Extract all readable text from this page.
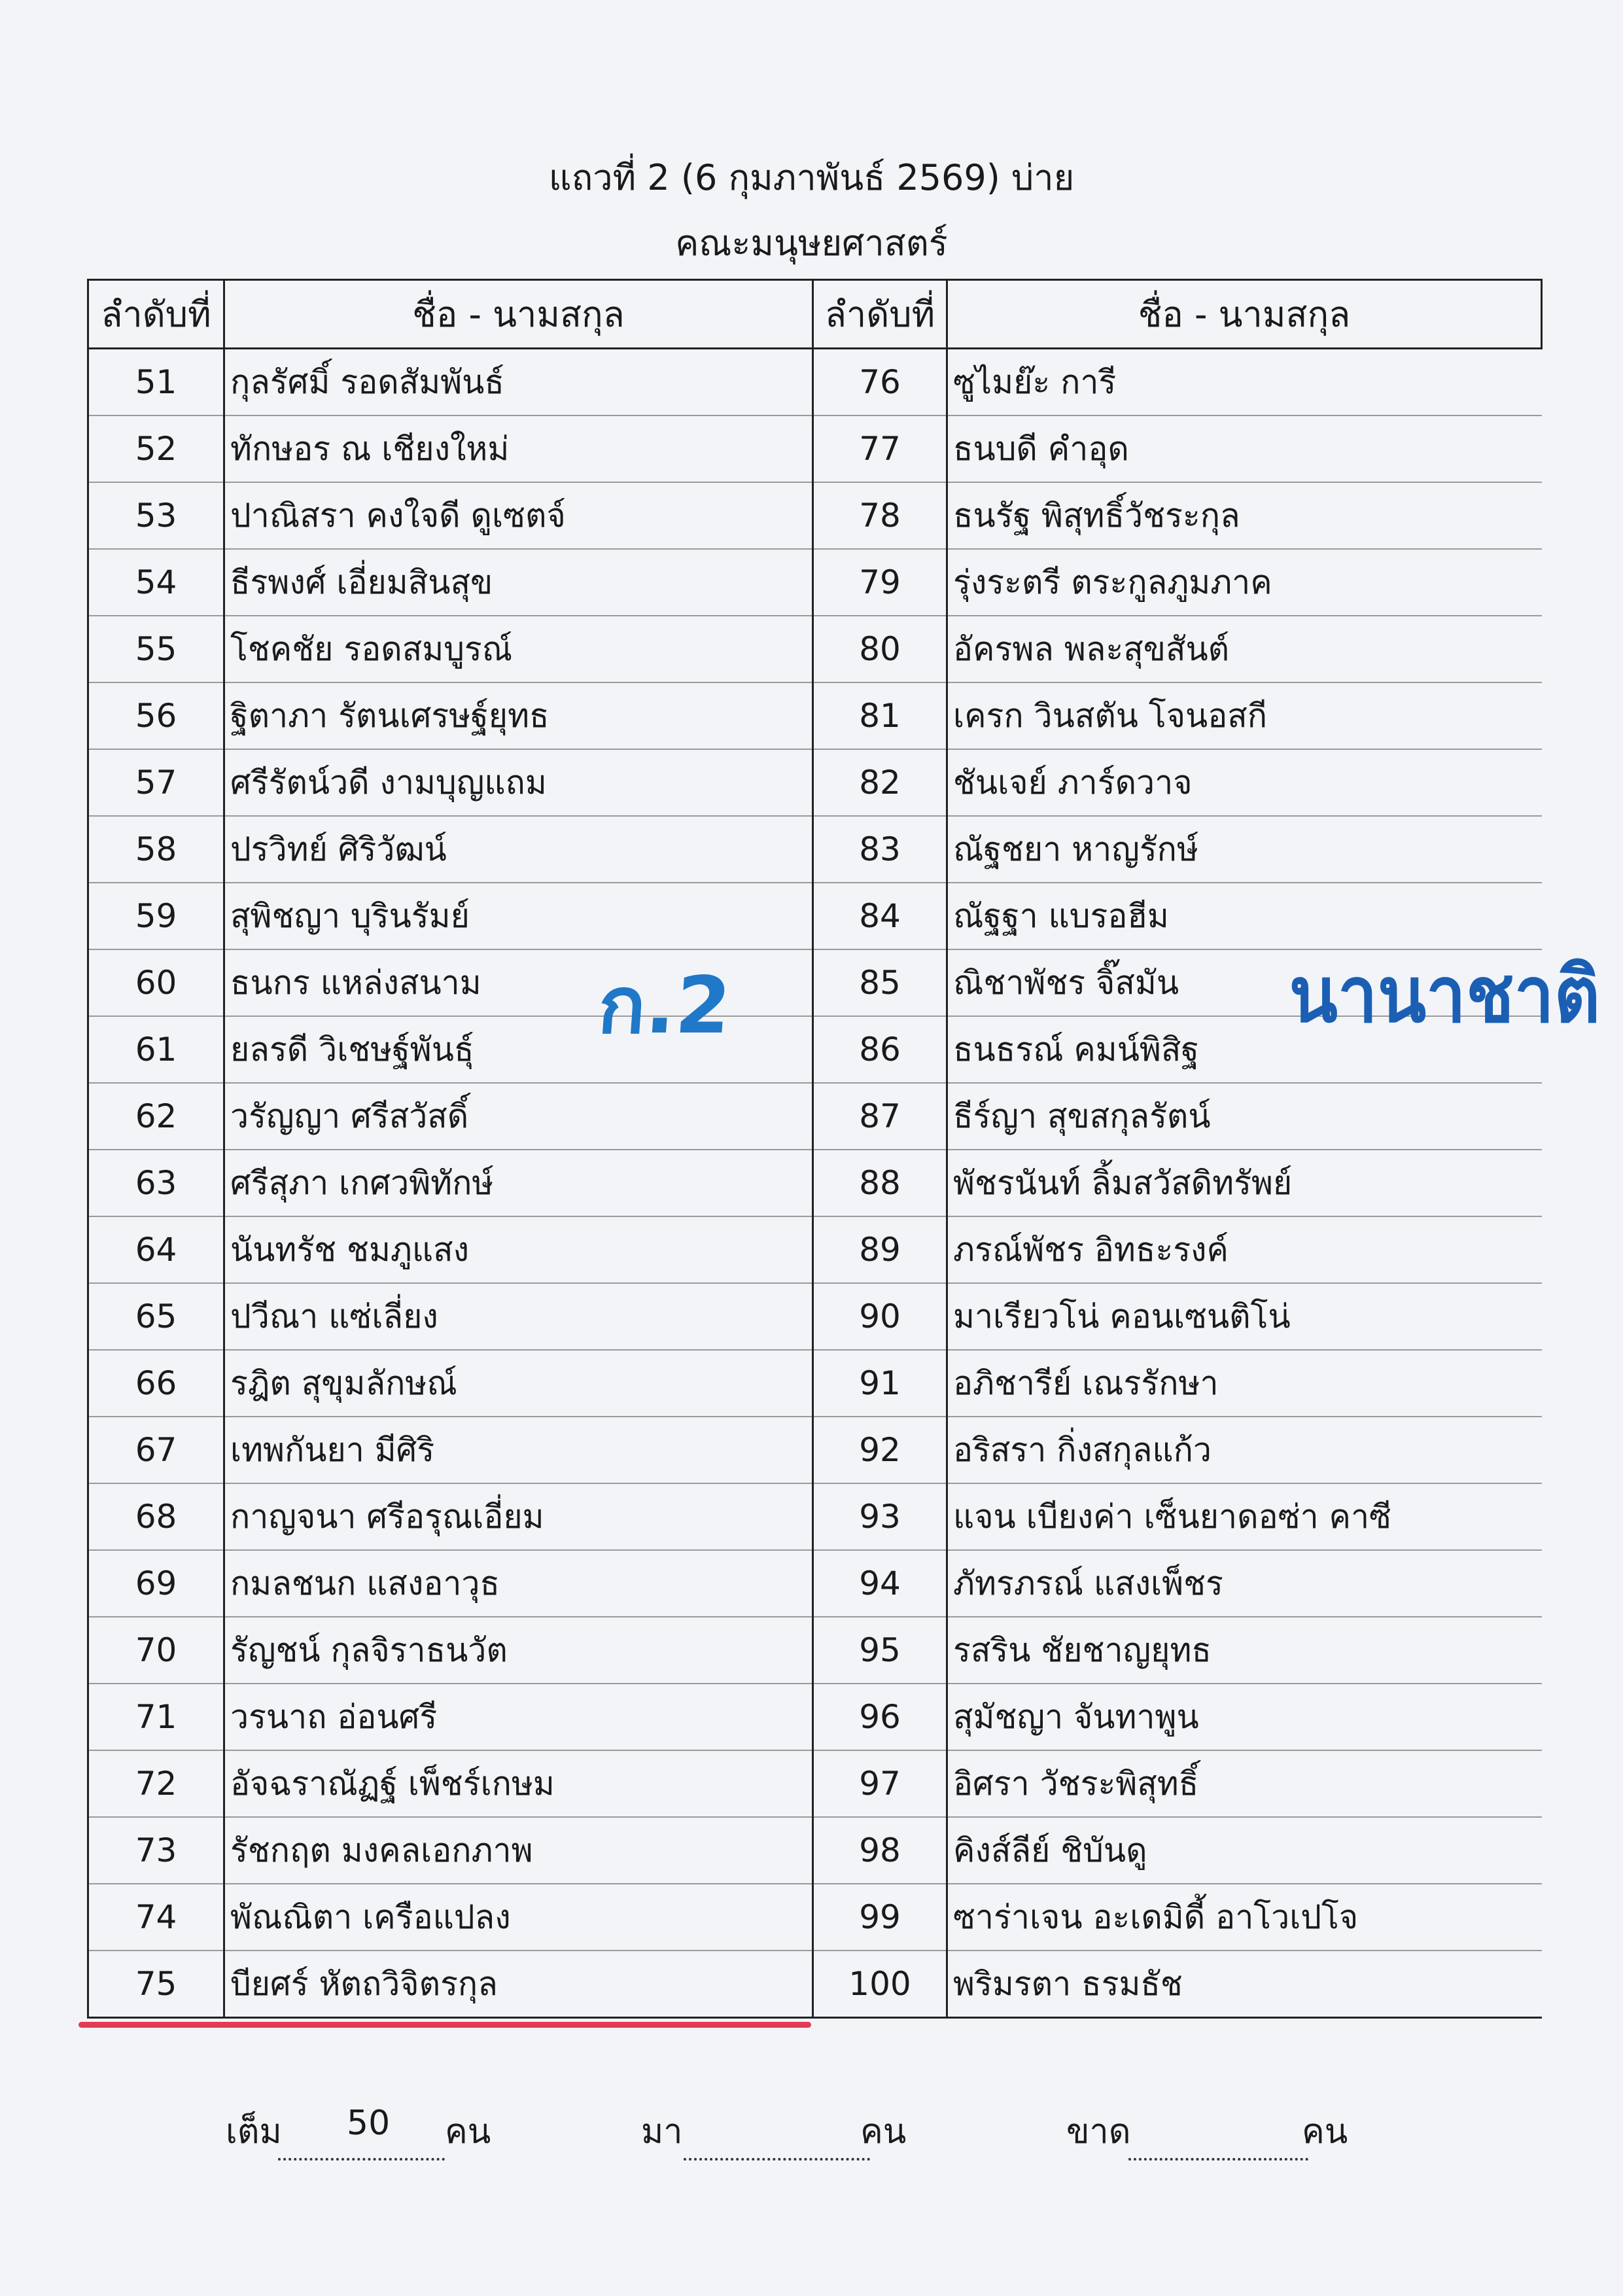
แถวที่ 2 (6 กุมภาพันธ์ 2569) บ่าย
คณะมนุษยศาสตร์
ลำดับที่	ชื่อ - นามสกุล	ลำดับที่	ชื่อ - นามสกุล
51	กุลรัศมิ์ รอดสัมพันธ์	76	ซูไมย๊ะ การี
52	ทักษอร ณ เชียงใหม่	77	ธนบดี คำอุด
53	ปาณิสรา คงใจดี ดูเซตจ์	78	ธนรัฐ พิสุทธิ์วัชระกุล
54	ธีรพงศ์ เอี่ยมสินสุข	79	รุ่งระตรี ตระกูลภูมภาค
55	โชคชัย รอดสมบูรณ์	80	อัครพล พละสุขสันต์
56	ฐิตาภา รัตนเศรษฐ์ยุทธ	81	เครก วินสตัน โจนอสกี
57	ศรีรัตน์วดี งามบุญแถม	82	ชันเจย์ ภาร์ดวาจ
58	ปรวิทย์ ศิริวัฒน์	83	ณัฐชยา หาญรักษ์
59	สุพิชญา บุรินรัมย์	84	ณัฐฐา แบรอฮีม
60	ธนกร แหล่งสนาม	85	ณิชาพัชร จิ๊สมัน
61	ยลรดี วิเชษฐ์พันธุ์	86	ธนธรณ์ คมน์พิสิฐ
62	วรัญญา ศรีสวัสดิ์	87	ธีร์ญา สุขสกุลรัตน์
63	ศรีสุภา เกศวพิทักษ์	88	พัชรนันท์ ลิ้มสวัสดิทรัพย์
64	นันทรัช ชมภูแสง	89	ภรณ์พัชร อิทธะรงค์
65	ปวีณา แซ่เลี่ยง	90	มาเรียวโน่ คอนเซนติโน่
66	รฎิต สุขุมลักษณ์	91	อภิชารีย์ เณรรักษา
67	เทพกันยา มีศิริ	92	อริสรา กิ่งสกุลแก้ว
68	กาญจนา ศรีอรุณเอี่ยม	93	แจน เบียงค่า เซ็นยาดอซ่า คาซี
69	กมลชนก แสงอาวุธ	94	ภัทรภรณ์ แสงเพ็ชร
70	รัญชน์ กุลจิราธนวัต	95	รสริน ชัยชาญยุทธ
71	วรนาถ อ่อนศรี	96	สุมัชญา จันทาพูน
72	อัจฉราณัฏฐ์ เพ็ชร์เกษม	97	อิศรา วัชระพิสุทธิ์
73	รัชกฤต มงคลเอกภาพ	98	คิงส์ลีย์ ชิบันดู
74	พัณณิตา เครือแปลง	99	ซาร่าเจน อะเดมิดี้ อาโวเปโจ
75	บียศร์ หัตถวิจิตรกุล	100	พริมรตา ธรมธัช
ก.2	นานาชาติ
เต็ม 50 คน	มา	คน	ขาด	คน
